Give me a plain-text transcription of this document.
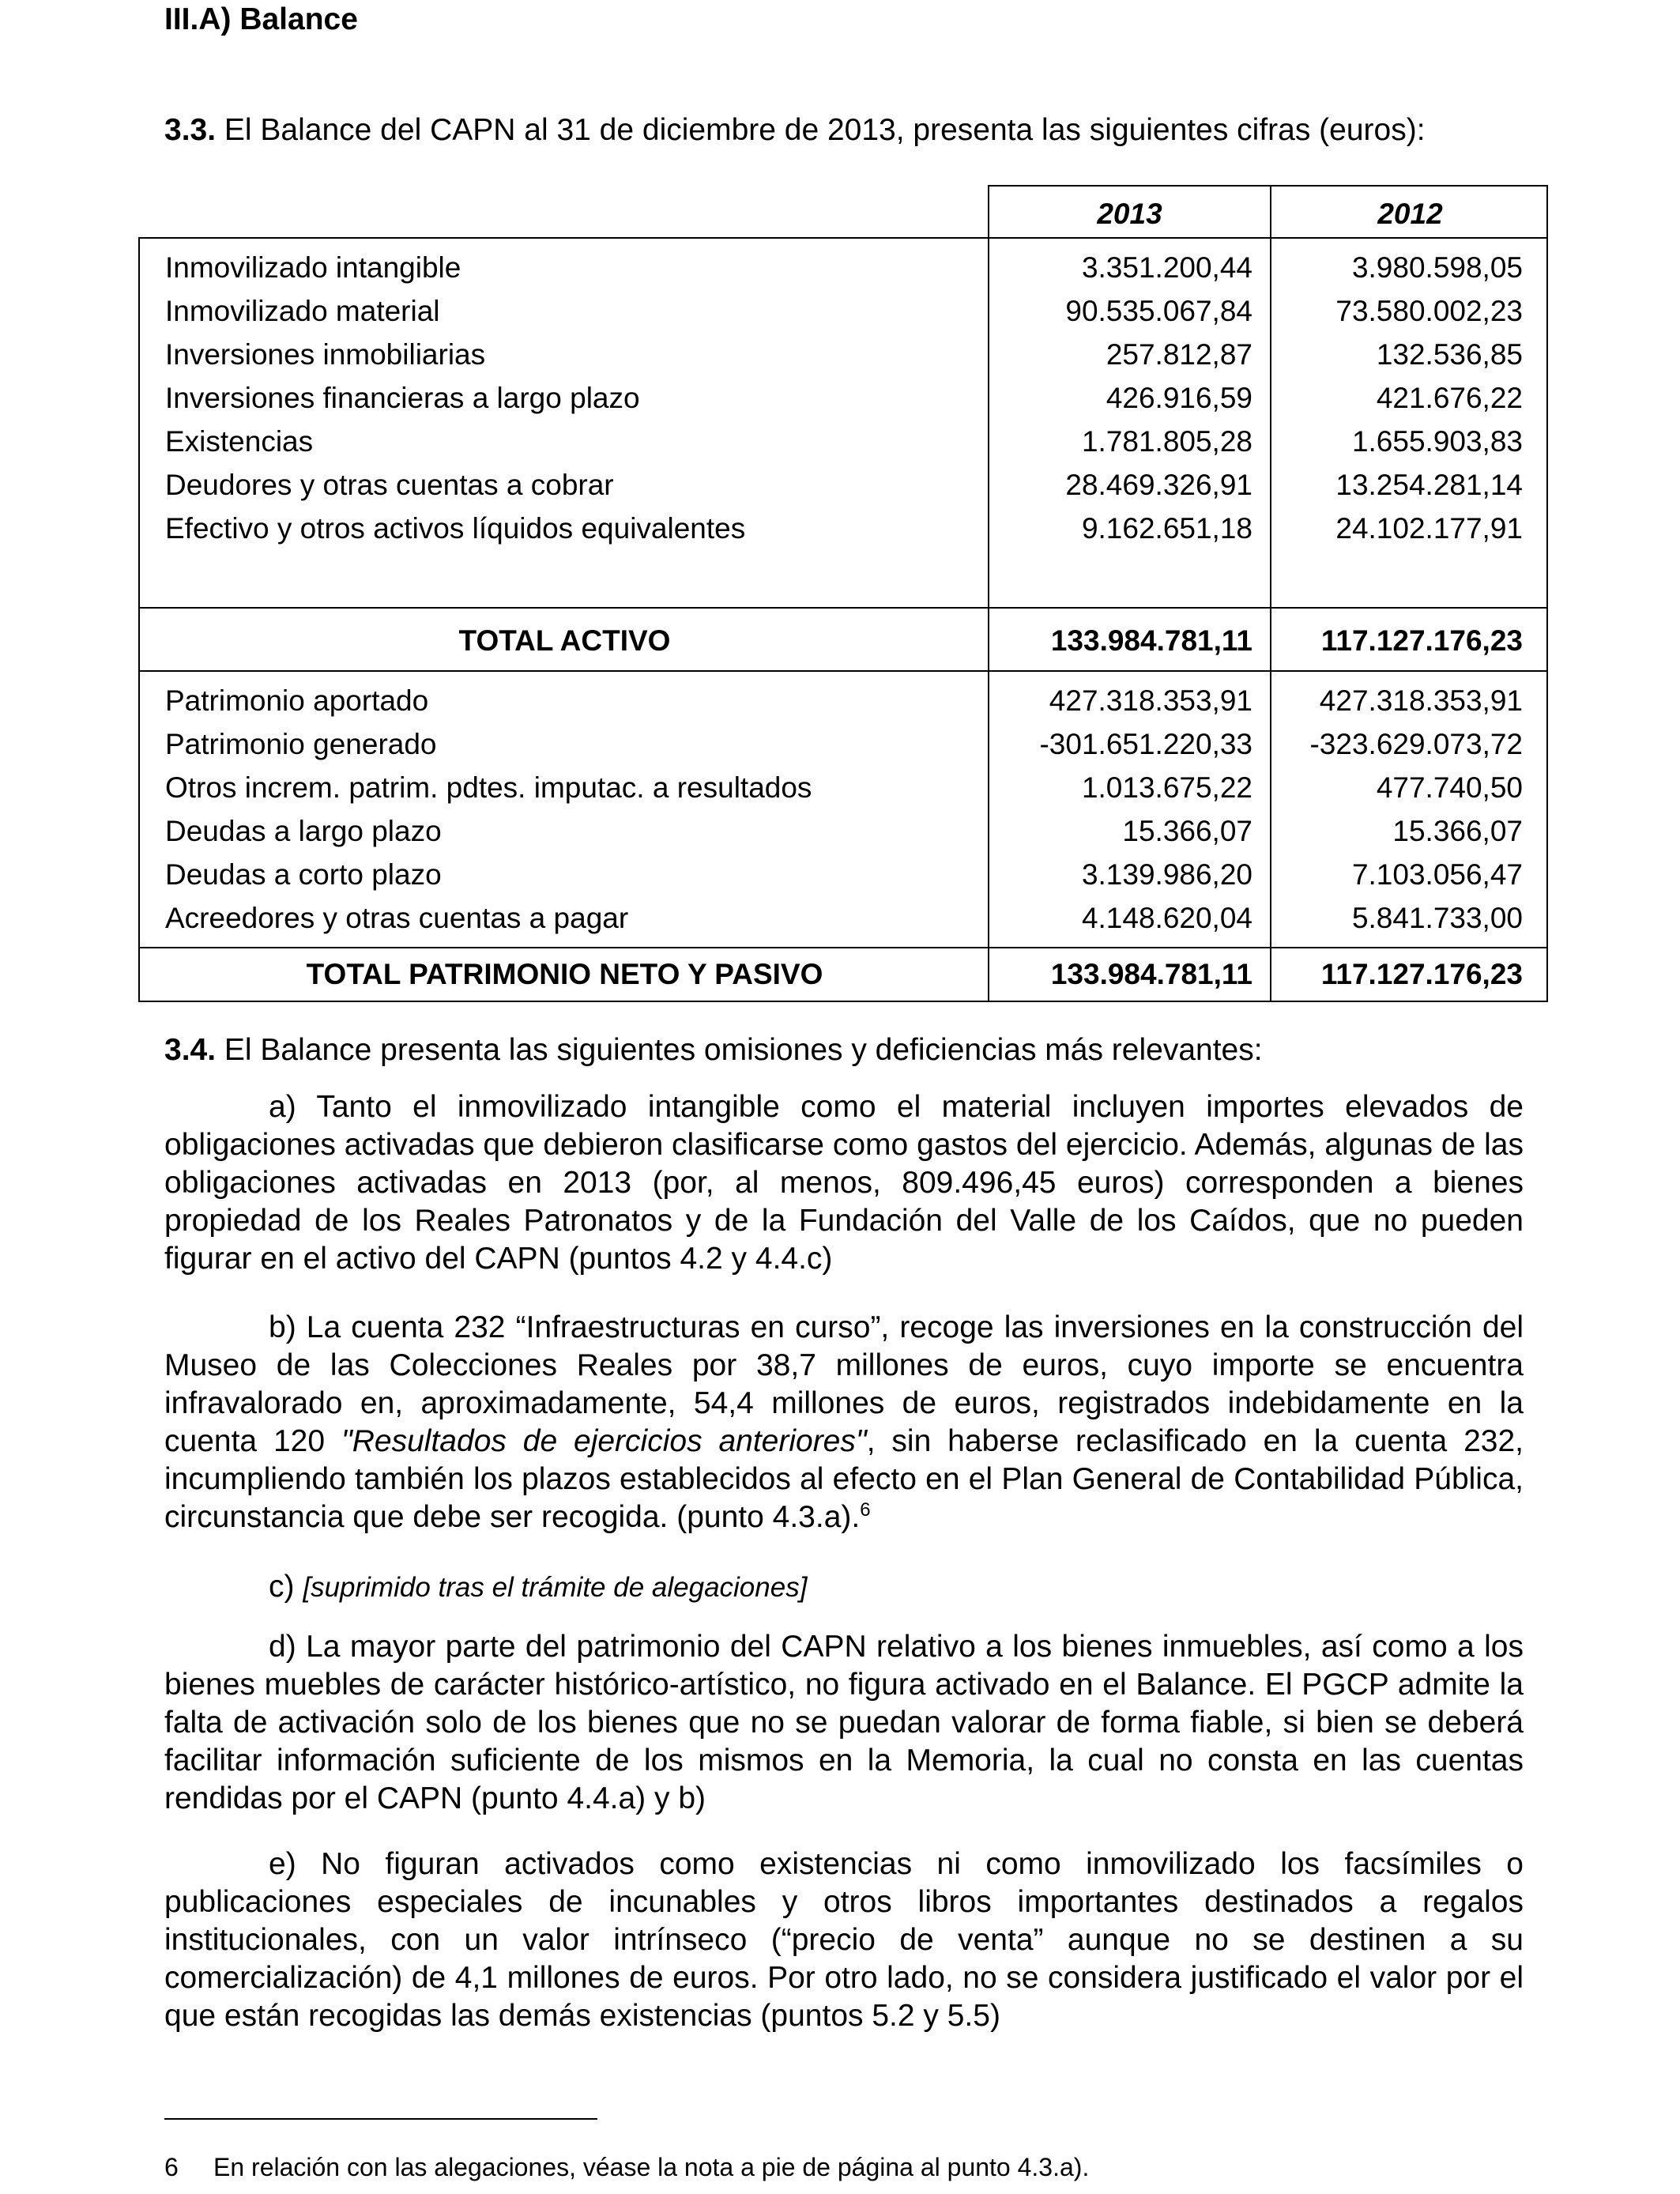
III.A) Balance
3.3. El Balance del CAPN al 31 de diciembre de 2013, presenta las siguientes cifras (euros):
2013	2012
Inmovilizado intangible	3.351.200,44	3.980.598,05
Inmovilizado material	90.535.067,84	73.580.002,23
Inversiones inmobiliarias	257.812,87	132.536,85
Inversiones financieras a largo plazo	426.916,59	421.676,22
Existencias	1.781.805,28	1.655.903,83
Deudores y otras cuentas a cobrar	28.469.326,91	13.254.281,14
Efectivo y otros activos líquidos equivalentes	9.162.651,18	24.102.177,91
TOTAL ACTIVO	133.984.781,11 117.127.176,23
Patrimonio aportado	427.318.353,91 427.318.353,91
Patrimonio generado	-301.651.220,33 -323.629.073,72
Otros increm. patrim. pdtes. imputac. a resultados	1.013.675,22	477.740,50
Deudas a largo plazo	15.366,07	15.366,07
Deudas a corto plazo	3.139.986,20	7.103.056,47
Acreedores y otras cuentas a pagar	4.148.620,04	5.841.733,00
TOTAL PATRIMONIO NETO Y PASIVO	133.984.781,11 117.127.176,23
3.4. El Balance presenta las siguientes omisiones y deficiencias más relevantes:

a) Tanto el inmovilizado intangible como el material incluyen importes elevados de obligaciones activadas que debieron clasificarse como gastos del ejercicio. Además, algunas de las obligaciones activadas en 2013 (por, al menos, 809.496,45 euros) corresponden a bienes propiedad de los Reales Patronatos y de la Fundación del Valle de los Caídos, que no pueden figurar en el activo del CAPN (puntos 4.2 y 4.4.c)

b) La cuenta 232 “Infraestructuras en curso”, recoge las inversiones en la construcción del Museo de las Colecciones Reales por 38,7 millones de euros, cuyo importe se encuentra infravalorado en, aproximadamente, 54,4 millones de euros, registrados indebidamente en la cuenta 120 "Resultados de ejercicios anteriores", sin haberse reclasificado en la cuenta 232, incumpliendo también los plazos establecidos al efecto en el Plan General de Contabilidad Pública, circunstancia que debe ser recogida. (punto 4.3.a).$^6$

c) [suprimido tras el trámite de alegaciones]

d) La mayor parte del patrimonio del CAPN relativo a los bienes inmuebles, así como a los bienes muebles de carácter histórico-artístico, no figura activado en el Balance. El PGCP admite la falta de activación solo de los bienes que no se puedan valorar de forma fiable, si bien se deberá facilitar información suficiente de los mismos en la Memoria, la cual no consta en las cuentas rendidas por el CAPN (punto 4.4.a) y b)

e) No figuran activados como existencias ni como inmovilizado los facsímiles o publicaciones especiales de incunables y otros libros importantes destinados a regalos institucionales, con un valor intrínseco (“precio de venta” aunque no se destinen a su comercialización) de 4,1 millones de euros. Por otro lado, no se considera justificado el valor por el que están recogidas las demás existencias (puntos 5.2 y 5.5)

6 En relación con las alegaciones, véase la nota a pie de página al punto 4.3.a).
